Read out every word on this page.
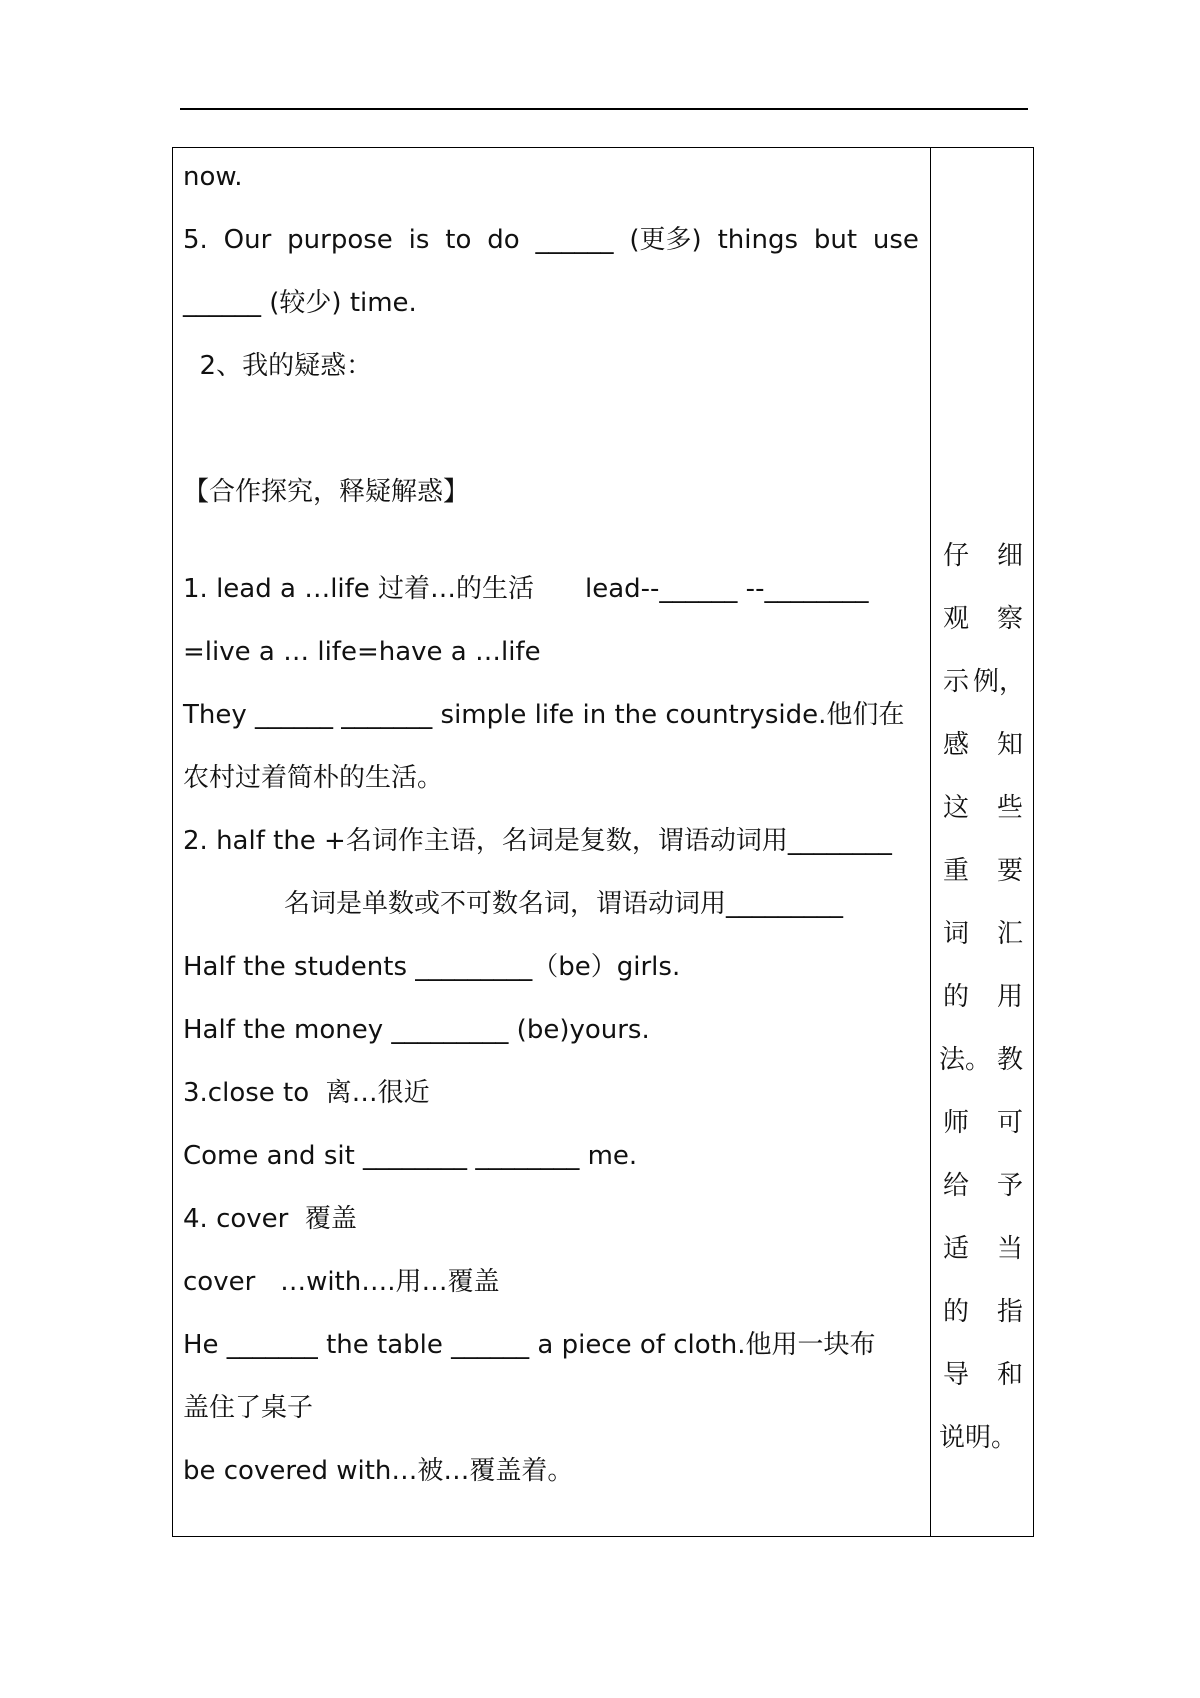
now.
5. Our purpose is to do ______ (更多) things but use
______ (较少) time.
2、我的疑惑：
【合作探究，释疑解惑】
1. lead a …life 过着…的生活 lead--______ --________
=live a … life=have a …life
They ______ _______ simple life in the countryside.他们在
农村过着简朴的生活。
2. half the +名词作主语，名词是复数，谓语动词用________
名词是单数或不可数名词，谓语动词用_________
Half the students _________（be）girls.
Half the money _________ (be)yours.
3.close to  离…很近
Come and sit ________ ________ me.
4. cover  覆盖
cover   …with….用…覆盖
He _______ the table ______ a piece of cloth.他用一块布
盖住了桌子
be covered with…被…覆盖着。
仔 细
观 察
示 例，
感 知
这 些
重 要
词 汇
的 用
法。 教
师 可
给 予
适 当
的 指
导 和
说明。
